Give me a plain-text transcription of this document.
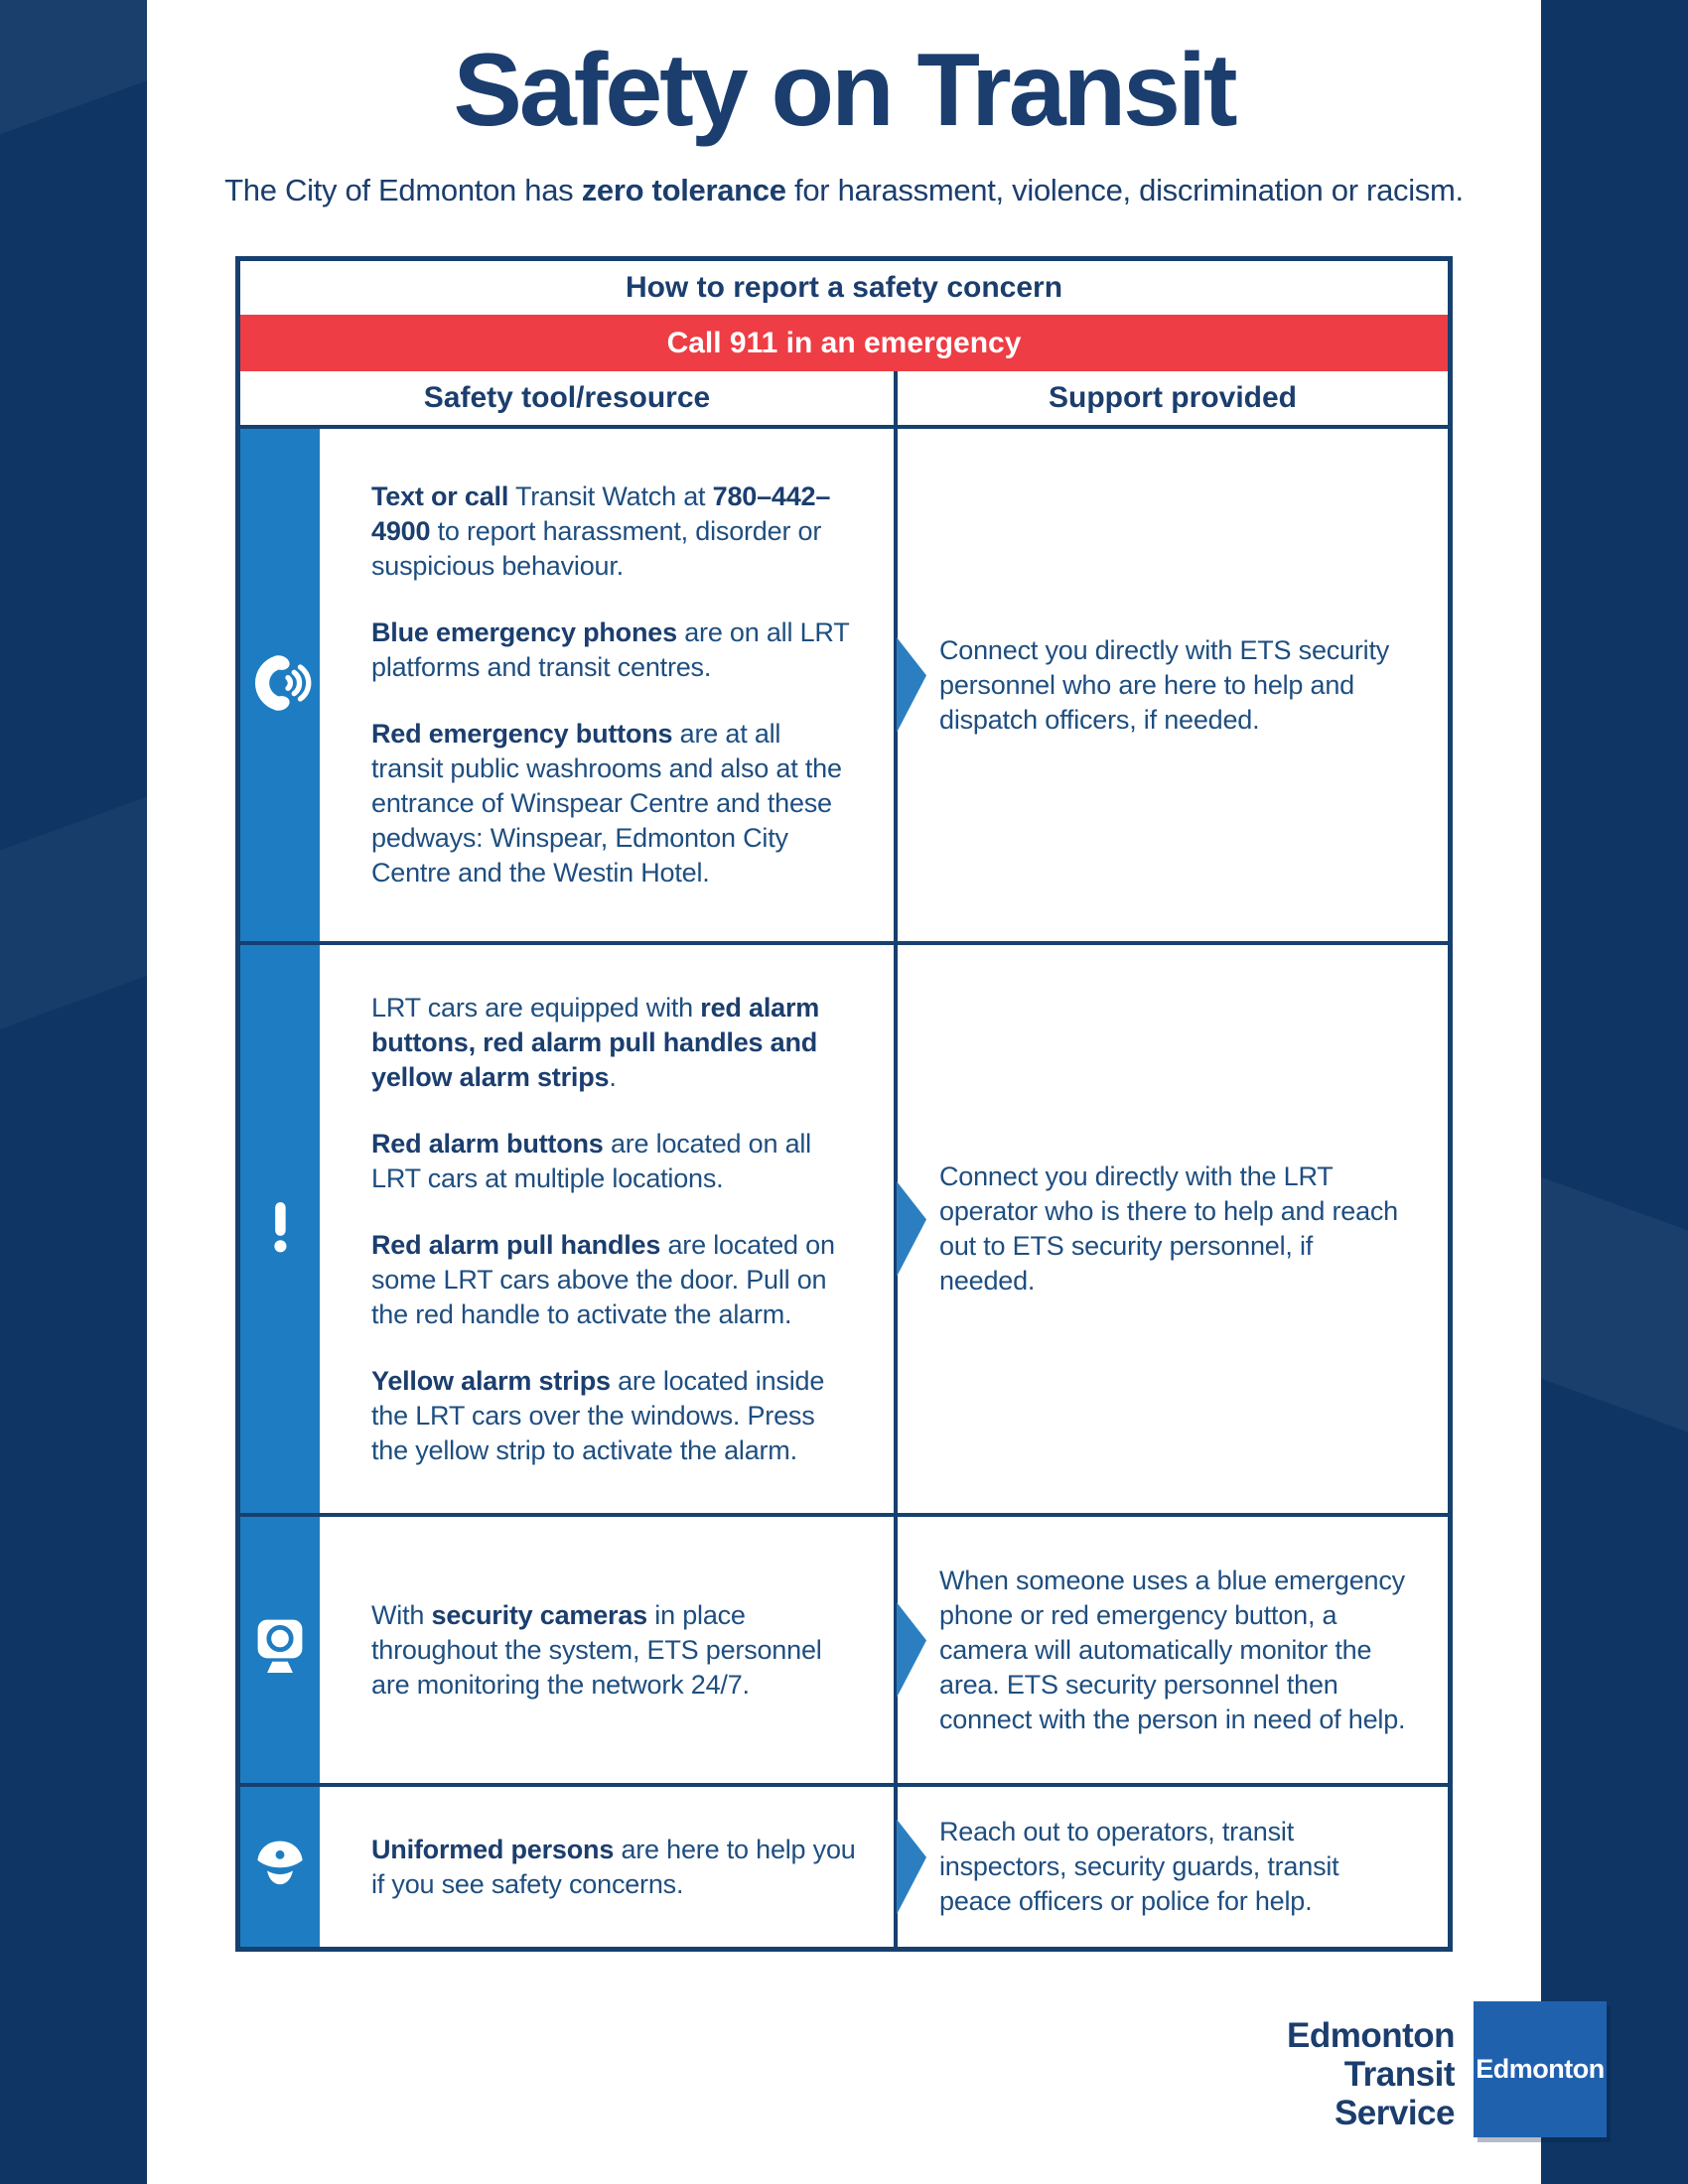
Safety on Transit

The City of Edmonton has zero tolerance for harassment, violence, discrimination or racism.

How to report a safety concern
Call 911 in an emergency
Safety tool/resource	Support provided

Text or call Transit Watch at 780–442–4900 to report harassment, disorder or suspicious behaviour.

Blue emergency phones are on all LRT platforms and transit centres.

Red emergency buttons are at all transit public washrooms and also at the entrance of Winspear Centre and these pedways: Winspear, Edmonton City Centre and the Westin Hotel.

Connect you directly with ETS security personnel who are here to help and dispatch officers, if needed.

LRT cars are equipped with red alarm buttons, red alarm pull handles and yellow alarm strips.

Red alarm buttons are located on all LRT cars at multiple locations.

Red alarm pull handles are located on some LRT cars above the door. Pull on the red handle to activate the alarm.

Yellow alarm strips are located inside the LRT cars over the windows. Press the yellow strip to activate the alarm.

Connect you directly with the LRT operator who is there to help and reach out to ETS security personnel, if needed.

With security cameras in place throughout the system, ETS personnel are monitoring the network 24/7.

When someone uses a blue emergency phone or red emergency button, a camera will automatically monitor the area. ETS security personnel then connect with the person in need of help.

Uniformed persons are here to help you if you see safety concerns.

Reach out to operators, transit inspectors, security guards, transit peace officers or police for help.

Edmonton
Transit
Service
Edmonton
